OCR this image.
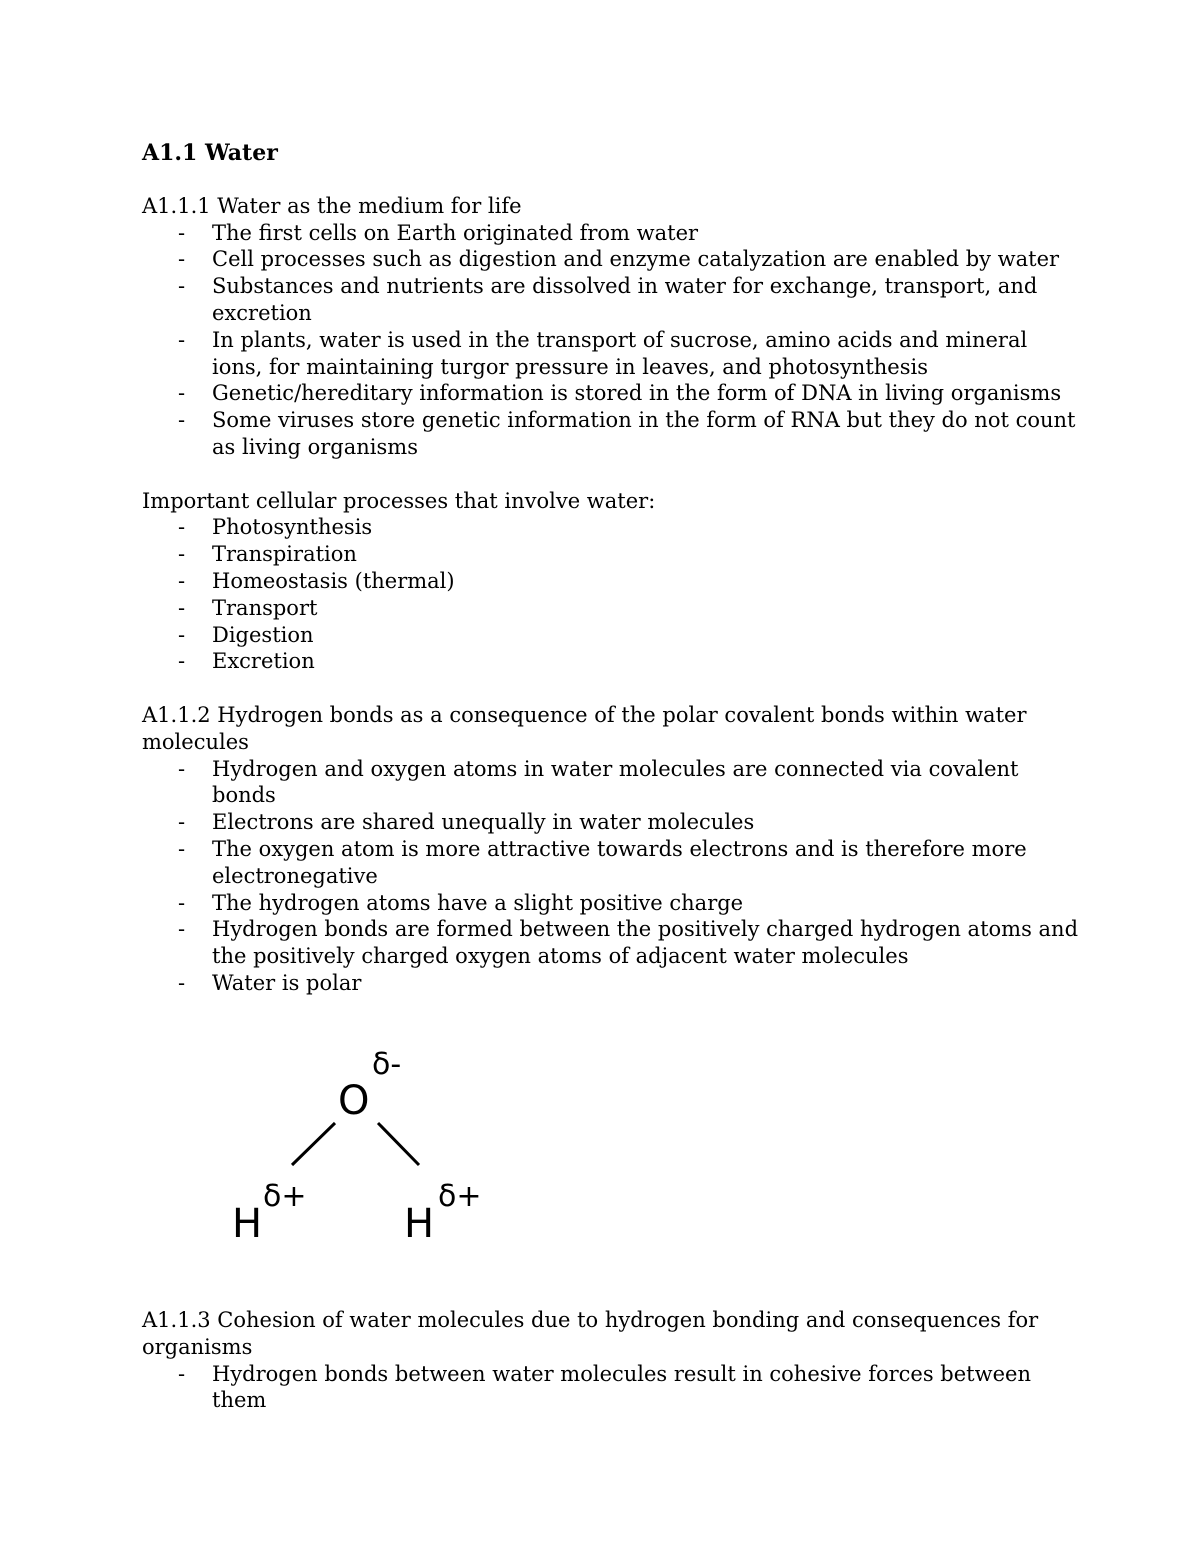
A1.1 Water
A1.1.1 Water as the medium for life
- The first cells on Earth originated from water
- Cell processes such as digestion and enzyme catalyzation are enabled by water
- Substances and nutrients are dissolved in water for exchange, transport, and excretion
- In plants, water is used in the transport of sucrose, amino acids and mineral ions, for maintaining turgor pressure in leaves, and photosynthesis
- Genetic/hereditary information is stored in the form of DNA in living organisms
- Some viruses store genetic information in the form of RNA but they do not count as living organisms
Important cellular processes that involve water:
- Photosynthesis
- Transpiration
- Homeostasis (thermal)
- Transport
- Digestion
- Excretion
A1.1.2 Hydrogen bonds as a consequence of the polar covalent bonds within water molecules
- Hydrogen and oxygen atoms in water molecules are connected via covalent bonds
- Electrons are shared unequally in water molecules
- The oxygen atom is more attractive towards electrons and is therefore more electronegative
- The hydrogen atoms have a slight positive charge
- Hydrogen bonds are formed between the positively charged hydrogen atoms and the positively charged oxygen atoms of adjacent water molecules
- Water is polar
O
δ-
H
δ+
H
δ+
A1.1.3 Cohesion of water molecules due to hydrogen bonding and consequences for organisms
- Hydrogen bonds between water molecules result in cohesive forces between them
